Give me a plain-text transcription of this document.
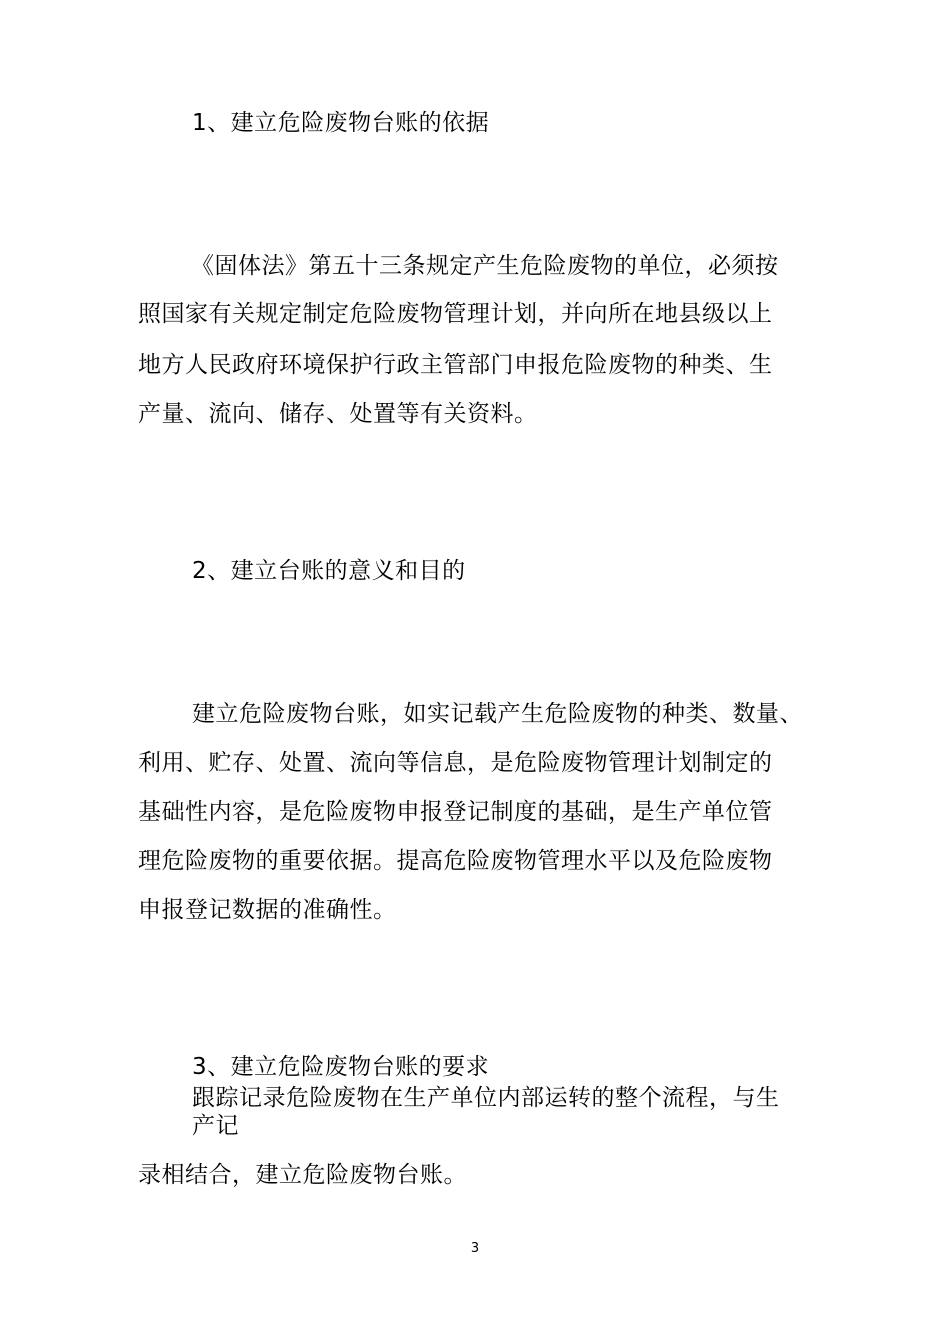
1、建立危险废物台账的依据
《固体法》第五十三条规定产生危险废物的单位，必须按
照国家有关规定制定危险废物管理计划，并向所在地县级以上
地方人民政府环境保护行政主管部门申报危险废物的种类、生
产量、流向、储存、处置等有关资料。
2、建立台账的意义和目的
建立危险废物台账，如实记载产生危险废物的种类、数量、
利用、贮存、处置、流向等信息，是危险废物管理计划制定的
基础性内容，是危险废物申报登记制度的基础，是生产单位管
理危险废物的重要依据。提高危险废物管理水平以及危险废物
申报登记数据的准确性。
3、建立危险废物台账的要求
跟踪记录危险废物在生产单位内部运转的整个流程，与生
产记
录相结合，建立危险废物台账。
3
